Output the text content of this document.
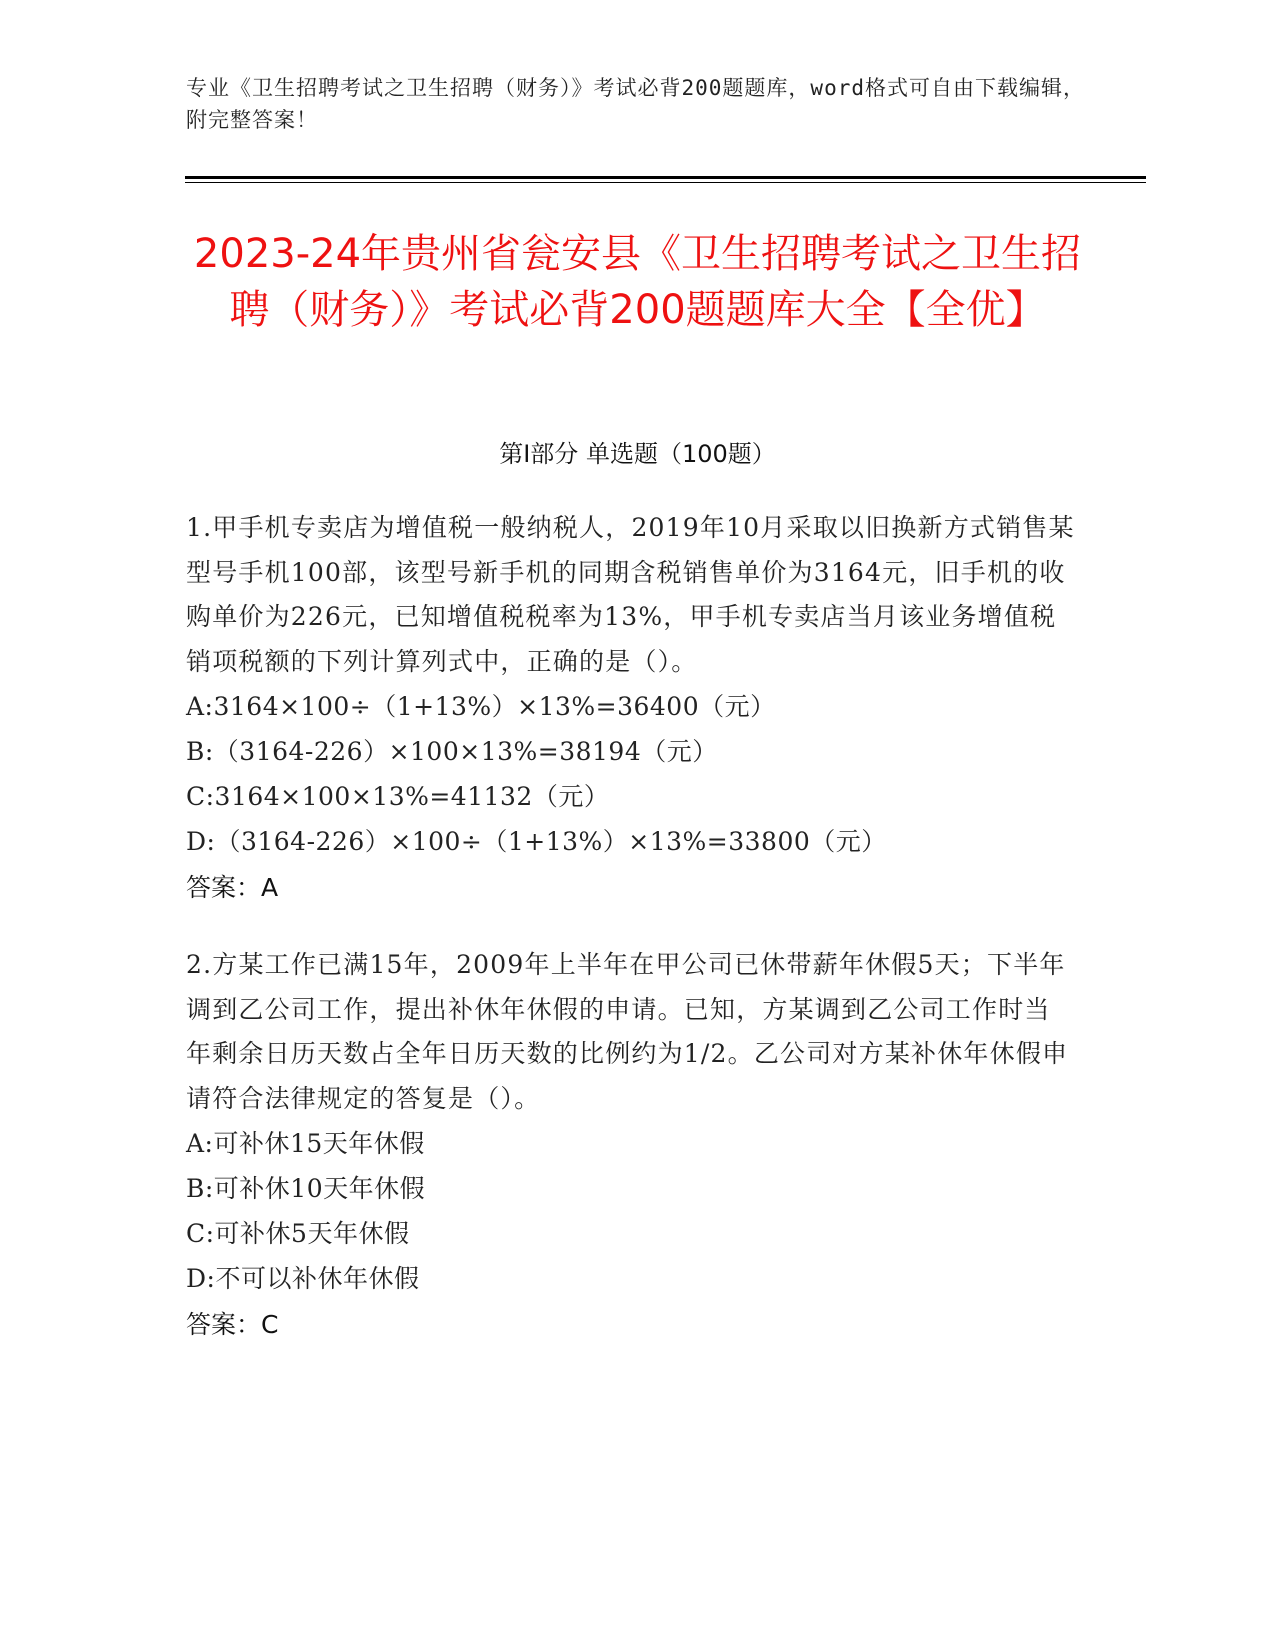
专业《卫生招聘考试之卫生招聘（财务）》考试必背200题题库，word格式可自由下载编辑，附完整答案！
2023-24年贵州省瓮安县《卫生招聘考试之卫生招聘（财务）》考试必背200题题库大全【全优】
第I部分 单选题（100题）
1.甲手机专卖店为增值税一般纳税人，2019年10月采取以旧换新方式销售某型号手机100部，该型号新手机的同期含税销售单价为3164元，旧手机的收购单价为226元，已知增值税税率为13%，甲手机专卖店当月该业务增值税销项税额的下列计算列式中，正确的是（）。
A:3164×100÷（1+13%）×13%=36400（元）
B:（3164-226）×100×13%=38194（元）
C:3164×100×13%=41132（元）
D:（3164-226）×100÷（1+13%）×13%=33800（元）
答案：A
2.方某工作已满15年，2009年上半年在甲公司已休带薪年休假5天；下半年调到乙公司工作，提出补休年休假的申请。已知，方某调到乙公司工作时当年剩余日历天数占全年日历天数的比例约为1/2。乙公司对方某补休年休假申请符合法律规定的答复是（）。
A:可补休15天年休假
B:可补休10天年休假
C:可补休5天年休假
D:不可以补休年休假
答案：C
